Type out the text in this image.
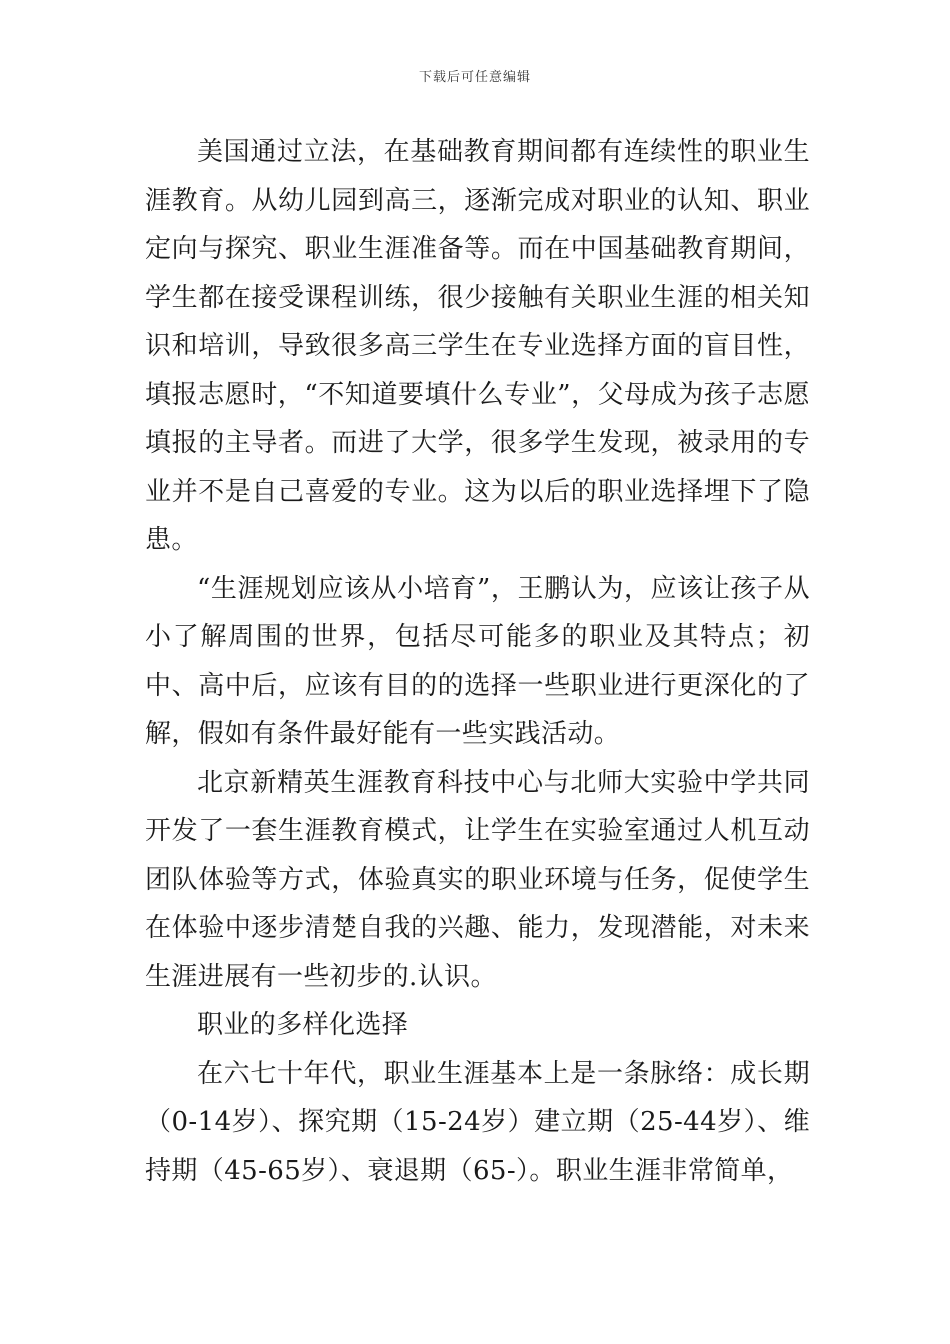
下载后可任意编辑

美国通过立法，在基础教育期间都有连续性的职业生涯教育。从幼儿园到高三，逐渐完成对职业的认知、职业定向与探究、职业生涯准备等。而在中国基础教育期间，学生都在接受课程训练，很少接触有关职业生涯的相关知识和培训，导致很多高三学生在专业选择方面的盲目性，填报志愿时，“不知道要填什么专业”，父母成为孩子志愿填报的主导者。而进了大学，很多学生发现，被录用的专业并不是自己喜爱的专业。这为以后的职业选择埋下了隐患。

“生涯规划应该从小培育”，王鹏认为，应该让孩子从小了解周围的世界，包括尽可能多的职业及其特点；初中、高中后，应该有目的的选择一些职业进行更深化的了解，假如有条件最好能有一些实践活动。

北京新精英生涯教育科技中心与北师大实验中学共同开发了一套生涯教育模式，让学生在实验室通过人机互动团队体验等方式，体验真实的职业环境与任务，促使学生在体验中逐步清楚自我的兴趣、能力，发现潜能，对未来生涯进展有一些初步的.认识。

职业的多样化选择

在六七十年代，职业生涯基本上是一条脉络：成长期（0-14岁）、探究期（15-24岁）建立期（25-44岁）、维持期（45-65岁）、衰退期（65-）。职业生涯非常简单，
